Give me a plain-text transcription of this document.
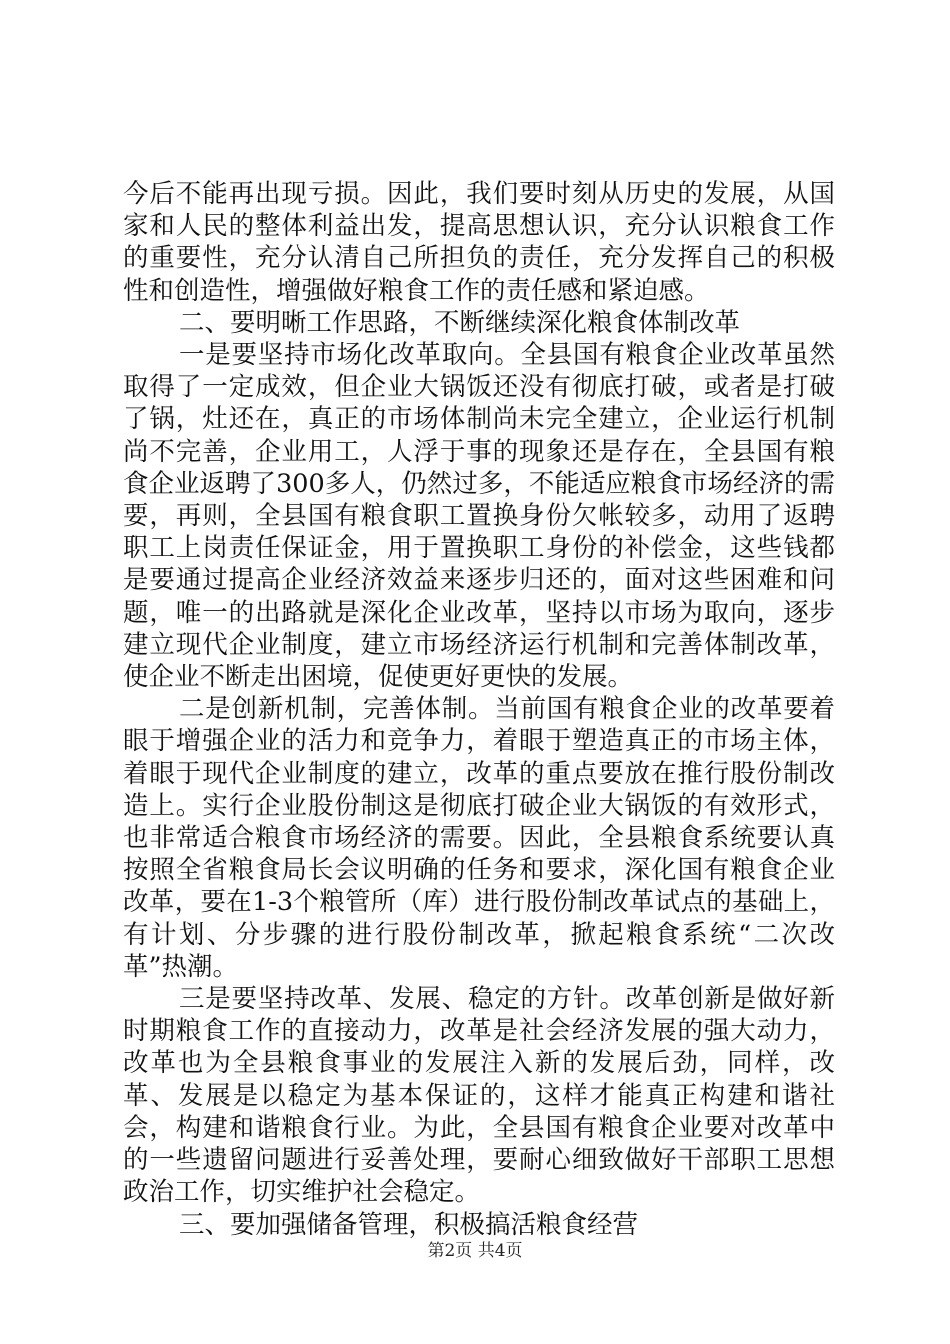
今后不能再出现亏损。因此，我们要时刻从历史的发展，从国家和人民的整体利益出发，提高思想认识，充分认识粮食工作的重要性，充分认清自己所担负的责任，充分发挥自己的积极性和创造性，增强做好粮食工作的责任感和紧迫感。

二、要明晰工作思路，不断继续深化粮食体制改革

一是要坚持市场化改革取向。全县国有粮食企业改革虽然取得了一定成效，但企业大锅饭还没有彻底打破，或者是打破了锅，灶还在，真正的市场体制尚未完全建立，企业运行机制尚不完善，企业用工，人浮于事的现象还是存在，全县国有粮食企业返聘了300多人，仍然过多，不能适应粮食市场经济的需要，再则，全县国有粮食职工置换身份欠帐较多，动用了返聘职工上岗责任保证金，用于置换职工身份的补偿金，这些钱都是要通过提高企业经济效益来逐步归还的，面对这些困难和问题，唯一的出路就是深化企业改革，坚持以市场为取向，逐步建立现代企业制度，建立市场经济运行机制和完善体制改革，使企业不断走出困境，促使更好更快的发展。

二是创新机制，完善体制。当前国有粮食企业的改革要着眼于增强企业的活力和竞争力，着眼于塑造真正的市场主体，着眼于现代企业制度的建立，改革的重点要放在推行股份制改造上。实行企业股份制这是彻底打破企业大锅饭的有效形式，也非常适合粮食市场经济的需要。因此，全县粮食系统要认真按照全省粮食局长会议明确的任务和要求，深化国有粮食企业改革，要在1-3个粮管所（库）进行股份制改革试点的基础上，有计划、分步骤的进行股份制改革，掀起粮食系统“二次改革”热潮。

三是要坚持改革、发展、稳定的方针。改革创新是做好新时期粮食工作的直接动力，改革是社会经济发展的强大动力，改革也为全县粮食事业的发展注入新的发展后劲，同样，改革、发展是以稳定为基本保证的，这样才能真正构建和谐社会，构建和谐粮食行业。为此，全县国有粮食企业要对改革中的一些遗留问题进行妥善处理，要耐心细致做好干部职工思想政治工作，切实维护社会稳定。

三、要加强储备管理，积极搞活粮食经营

第2页 共4页
